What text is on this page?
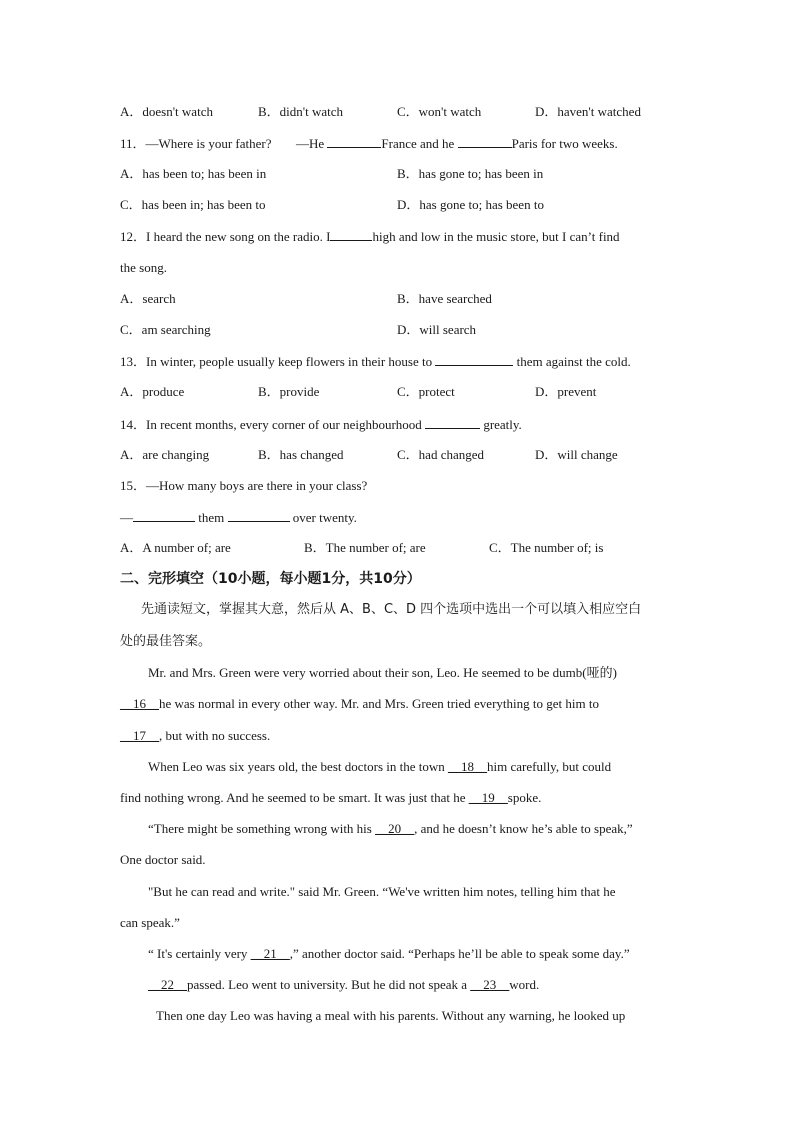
A．doesn't watch	B．didn't watch	C．won't watch	D．haven't watched
11．—Where is your father? —He	France and he	Paris for two weeks.
A．has been to; has been in	B．has gone to; has been in
C．has been in; has been to	D．has gone to; has been to
12．I heard the new song on the radio. I	high and low in the music store, but I can’t find
the song.
A．search	B．have searched
C．am searching	D．will search
13．In winter, people usually keep flowers in their house to	them against the cold.
A．produce	B．provide	C．protect	D．prevent
14．In recent months, every corner of our neighbourhood	greatly.
A．are changing	B．has changed	C．had changed	D．will change
15．—How many boys are there in your class?
—	them	over twenty.
A．A number of; are	B．The number of; are	C．The number of; is
二、完形填空（10小题，每小题1分，共10分）
先通读短文，掌握其大意，然后从 A、B、C、D 四个选项中选出一个可以填入相应空白
处的最佳答案。
Mr. and Mrs. Green were very worried about their son, Leo. He seemed to be dumb(哑的)
__16__he was normal in every other way. Mr. and Mrs. Green tried everything to get him to
__17__, but with no success.
When Leo was six years old, the best doctors in the town __18__him carefully, but could
find nothing wrong. And he seemed to be smart. It was just that he __19__spoke.
“There might be something wrong with his __20__, and he doesn’t know he’s able to speak,”
One doctor said.
"But he can read and write." said Mr. Green. “We've written him notes, telling him that he
can speak.”
“ It's certainly very __21__,” another doctor said. “Perhaps he’ll be able to speak some day.”
__22__passed. Leo went to university. But he did not speak a __23__word.
Then one day Leo was having a meal with his parents. Without any warning, he looked up
